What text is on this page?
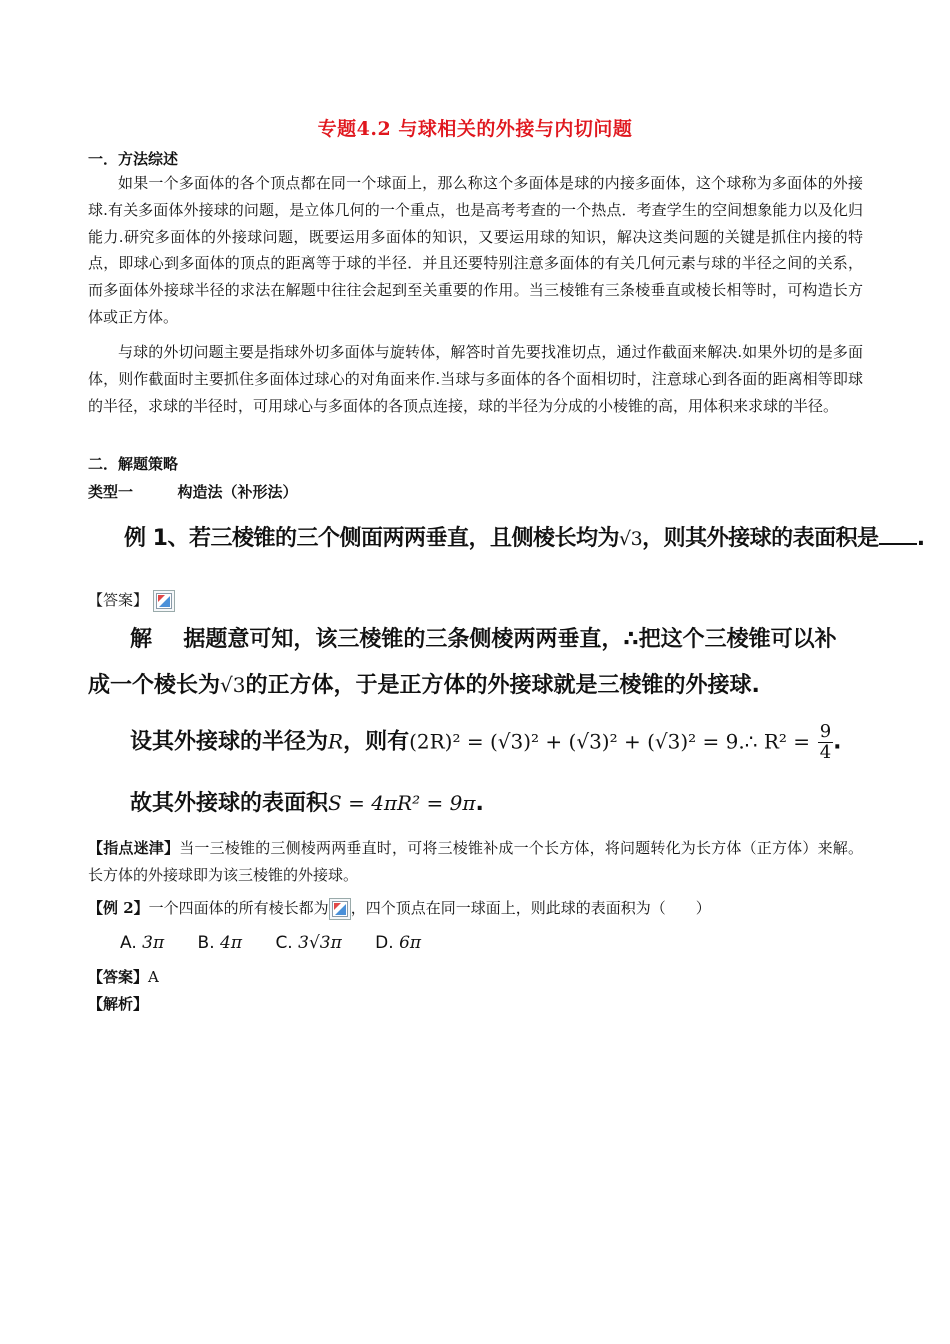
专题4.2 与球相关的外接与内切问题
一．方法综述
如果一个多面体的各个顶点都在同一个球面上，那么称这个多面体是球的内接多面体，这个球称为多面体的外接球.有关多面体外接球的问题，是立体几何的一个重点，也是高考考查的一个热点．考查学生的空间想象能力以及化归能力.研究多面体的外接球问题，既要运用多面体的知识，又要运用球的知识，解决这类问题的关键是抓住内接的特点，即球心到多面体的顶点的距离等于球的半径．并且还要特别注意多面体的有关几何元素与球的半径之间的关系，而多面体外接球半径的求法在解题中往往会起到至关重要的作用。当三棱锥有三条棱垂直或棱长相等时，可构造长方体或正方体。
与球的外切问题主要是指球外切多面体与旋转体，解答时首先要找准切点，通过作截面来解决.如果外切的是多面体，则作截面时主要抓住多面体过球心的对角面来作.当球与多面体的各个面相切时，注意球心到各面的距离相等即球的半径，求球的半径时，可用球心与多面体的各顶点连接，球的半径为分成的小棱锥的高，用体积来求球的半径。
二．解题策略
类型一	构造法（补形法）
例 1、若三棱锥的三个侧面两两垂直，且侧棱长均为√3，则其外接球的表面积是 .
【答案】
解 据题意可知，该三棱锥的三条侧棱两两垂直，∴把这个三棱锥可以补
成一个棱长为√3的正方体，于是正方体的外接球就是三棱锥的外接球.
设其外接球的半径为R，则有(2R)² = (√3)² + (√3)² + (√3)² = 9.∴ $R^2 = \frac{9}{4}$ .
故其外接球的表面积S = 4πR² = 9π.
【指点迷津】当一三棱锥的三侧棱两两垂直时，可将三棱锥补成一个长方体，将问题转化为长方体（正方体）来解。长方体的外接球即为该三棱锥的外接球。
【例 2】一个四面体的所有棱长都为 ，四个顶点在同一球面上，则此球的表面积为（　　）
A. 3π B. 4π C. 3√3π D. 6π
【答案】A
【解析】
